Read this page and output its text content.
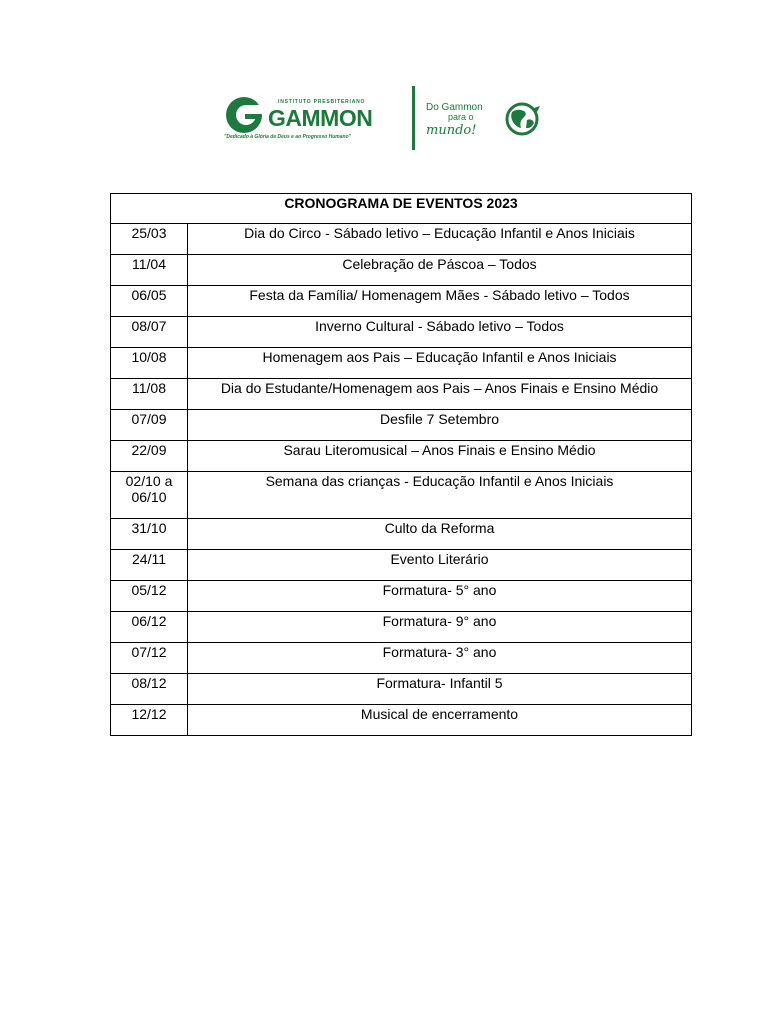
INSTITUTO PRESBITERIANO
GAMMON
"Dedicado à Glória de Deus e ao Progresso Humano"
Do Gammon
para o
mundo!
CRONOGRAMA DE EVENTOS 2023	
25/03	Dia do Circo - Sábado letivo – Educação Infantil e Anos Iniciais
11/04	Celebração de Páscoa – Todos
06/05	Festa da Família/ Homenagem Mães - Sábado letivo – Todos
08/07	Inverno Cultural - Sábado letivo – Todos
10/08	Homenagem aos Pais – Educação Infantil e Anos Iniciais
11/08	Dia do Estudante/Homenagem aos Pais – Anos Finais e Ensino Médio
07/09	Desfile 7 Setembro
22/09	Sarau Literomusical – Anos Finais e Ensino Médio
02/10 a 06/10	Semana das crianças - Educação Infantil e Anos Iniciais
31/10	Culto da Reforma
24/11	Evento Literário
05/12	Formatura- 5° ano
06/12	Formatura- 9° ano
07/12	Formatura- 3° ano
08/12	Formatura- Infantil 5
12/12	Musical de encerramento
